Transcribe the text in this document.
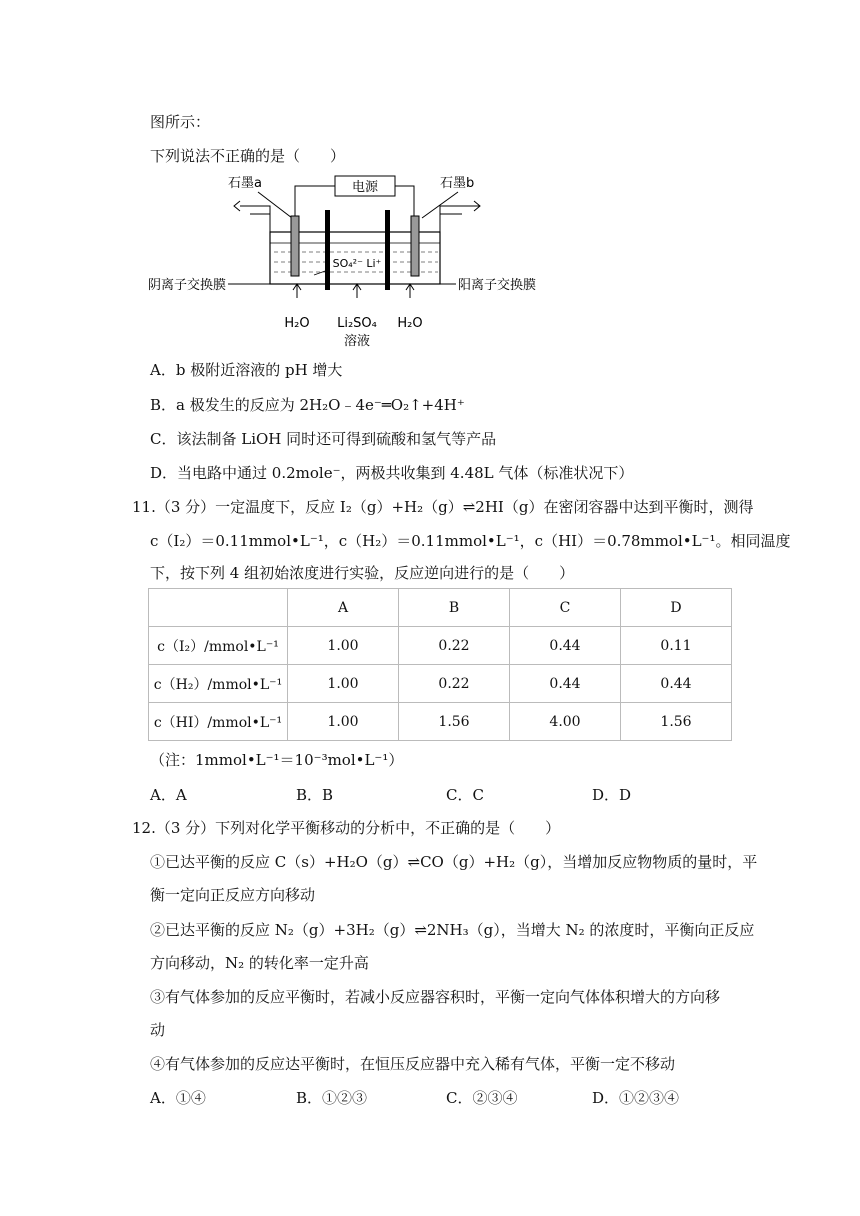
图所示：
下列说法不正确的是（　　）
电源
石墨a	石墨b
SO₄²⁻ Li⁺
阴离子交换膜	阳离子交换膜
H₂O Li₂SO₄
溶液
H₂O
A．b 极附近溶液的 pH 增大
B．a 极发生的反应为 2H₂O﹣4e⁻═O₂↑+4H⁺
C．该法制备 LiOH 同时还可得到硫酸和氢气等产品
D．当电路中通过 0.2mole⁻，两极共收集到 4.48L 气体（标准状况下）
11.（3 分）一定温度下，反应 I₂（g）+H₂（g）⇌2HI（g）在密闭容器中达到平衡时，测得
c（I₂）＝0.11mmol•L⁻¹，c（H₂）＝0.11mmol•L⁻¹，c（HI）＝0.78mmol•L⁻¹。相同温度
下，按下列 4 组初始浓度进行实验，反应逆向进行的是（　　）
	A	B	C	D
c（I₂）/mmol•L⁻¹	1.00	0.22	0.44	0.11
c（H₂）/mmol•L⁻¹	1.00	0.22	0.44	0.44
c（HI）/mmol•L⁻¹	1.00	1.56	4.00	1.56
（注：1mmol•L⁻¹＝10⁻³mol•L⁻¹）
A．A	B．B	C．C	D．D
12.（3 分）下列对化学平衡移动的分析中，不正确的是（　　）
①已达平衡的反应 C（s）+H₂O（g）⇌CO（g）+H₂（g），当增加反应物物质的量时，平
衡一定向正反应方向移动
②已达平衡的反应 N₂（g）+3H₂（g）⇌2NH₃（g），当增大 N₂ 的浓度时，平衡向正反应
方向移动，N₂ 的转化率一定升高
③有气体参加的反应平衡时，若减小反应器容积时，平衡一定向气体体积增大的方向移
动
④有气体参加的反应达平衡时，在恒压反应器中充入稀有气体，平衡一定不移动
A．①④	B．①②③	C．②③④	D．①②③④
